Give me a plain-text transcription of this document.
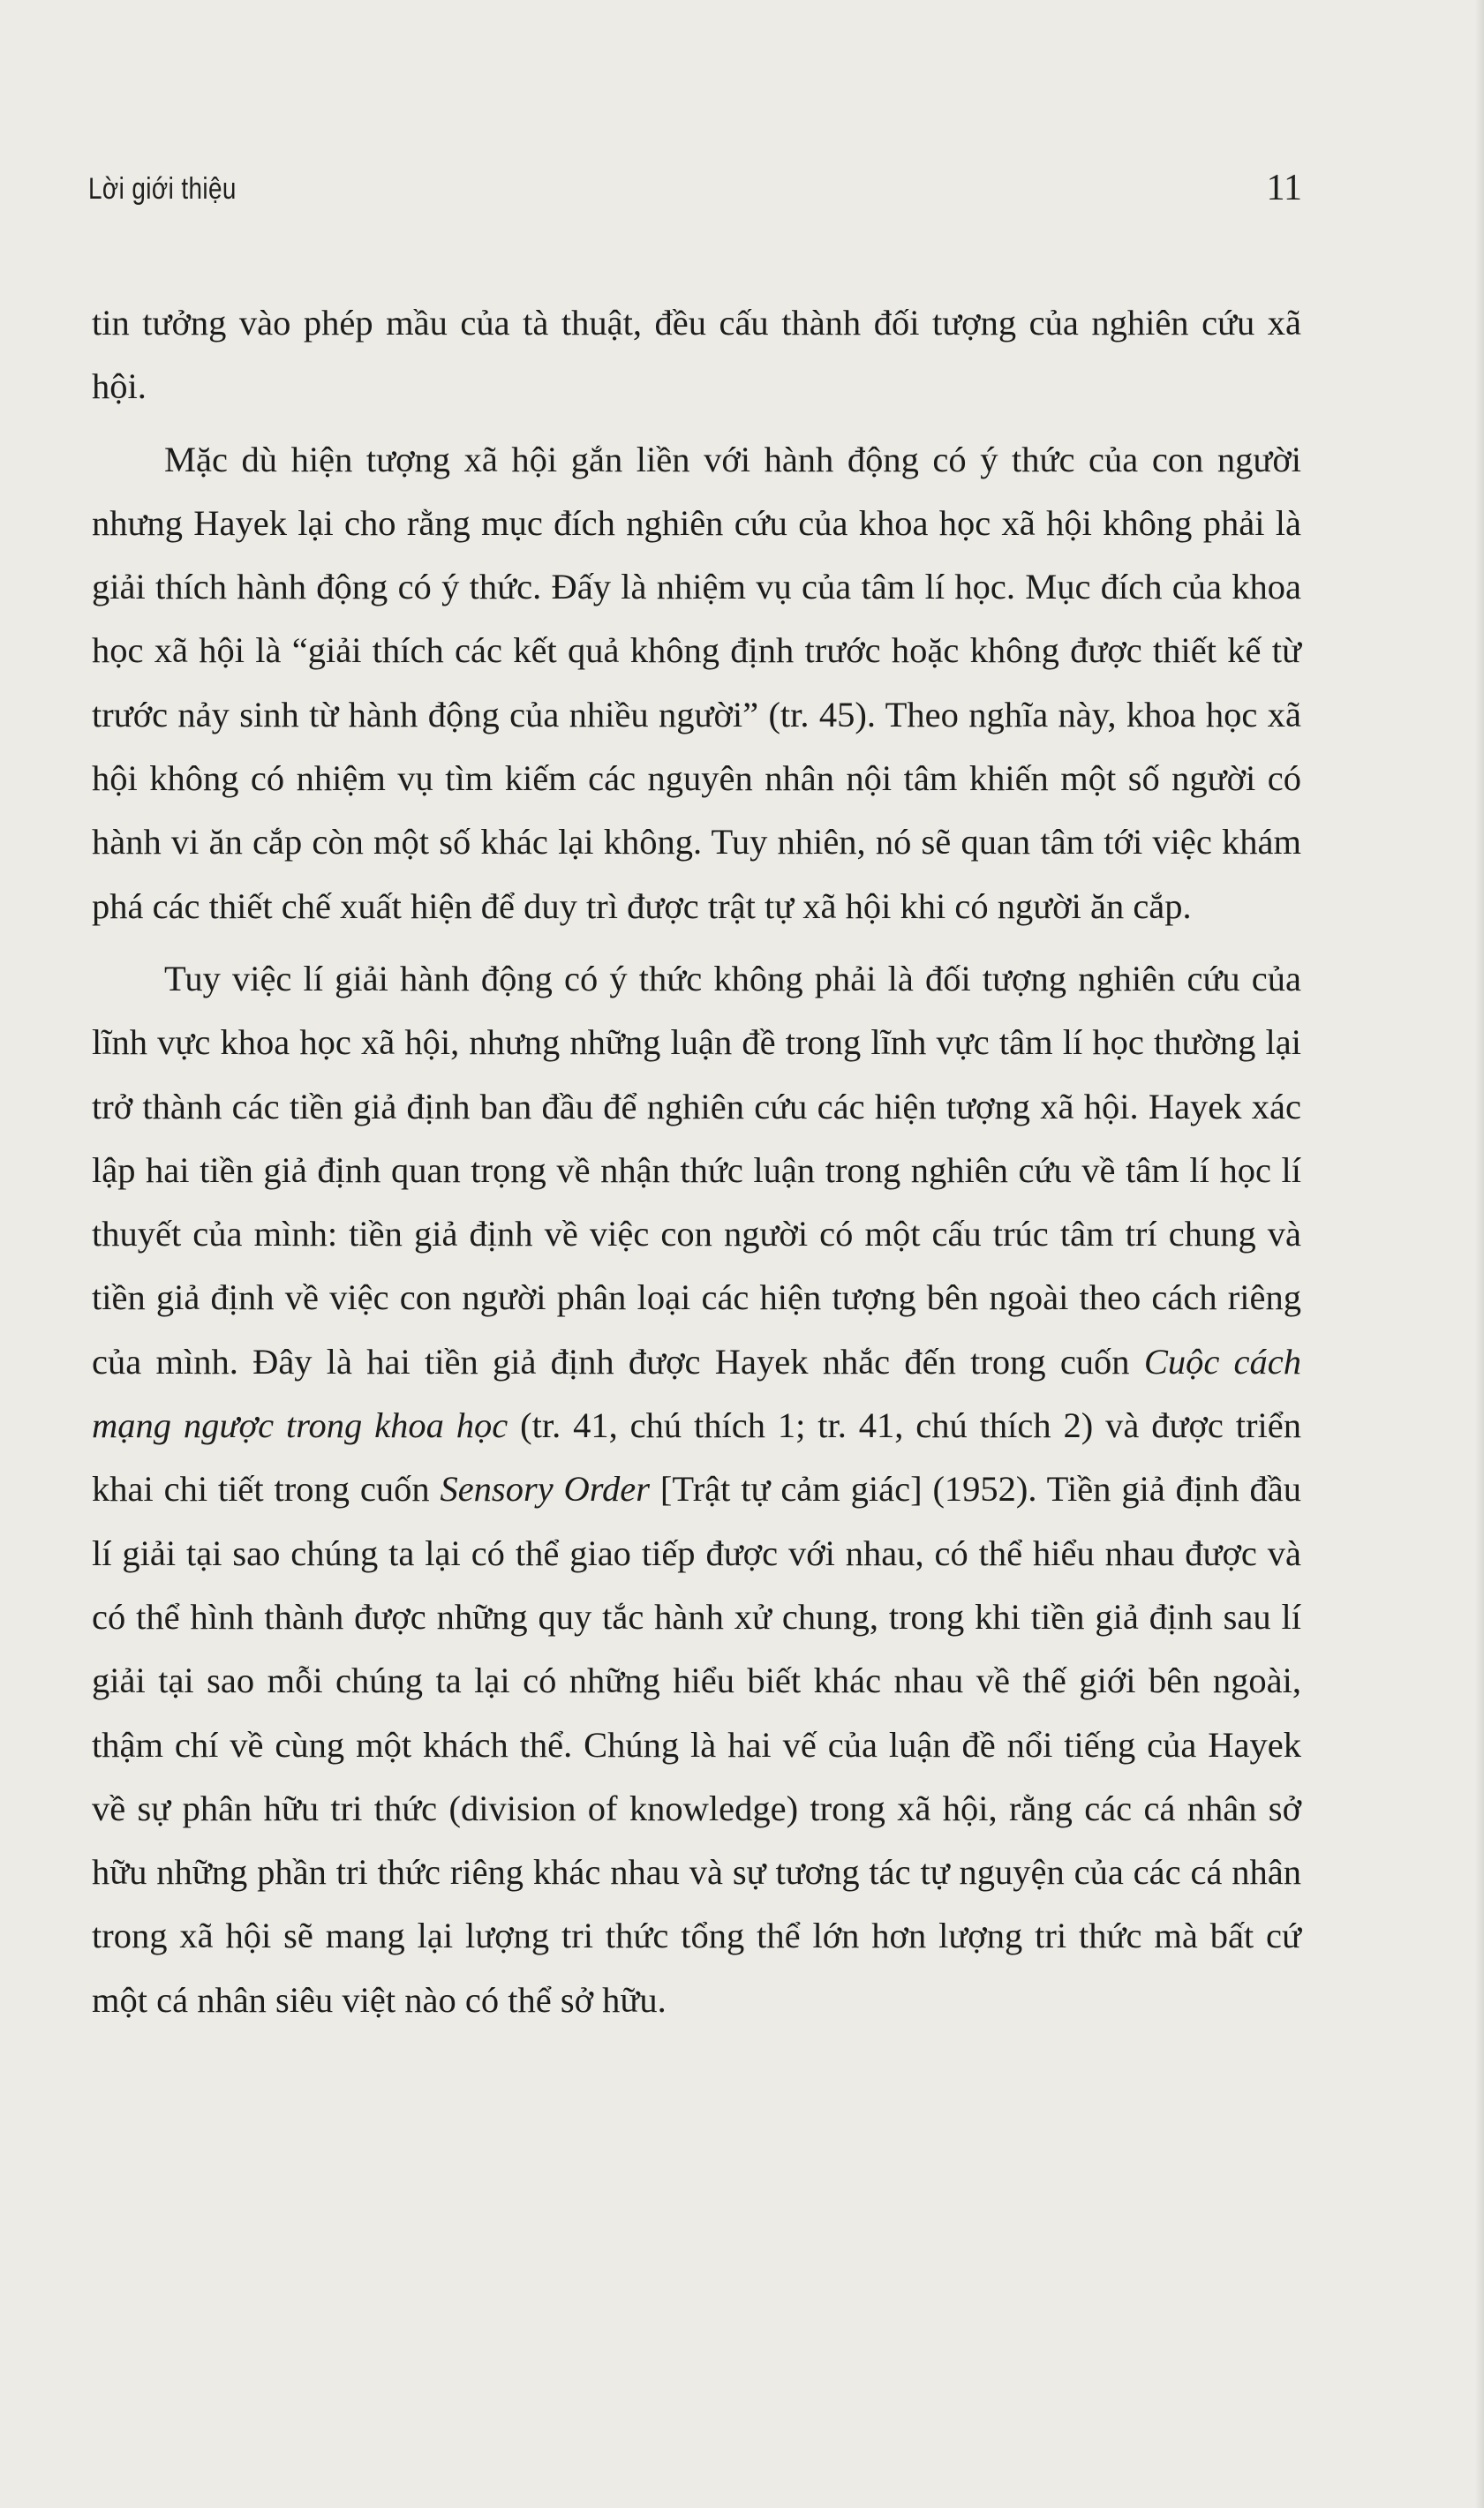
Lời giới thiệu	11

tin tưởng vào phép mầu của tà thuật, đều cấu thành đối tượng của nghiên cứu xã hội.

Mặc dù hiện tượng xã hội gắn liền với hành động có ý thức của con người nhưng Hayek lại cho rằng mục đích nghiên cứu của khoa học xã hội không phải là giải thích hành động có ý thức. Đấy là nhiệm vụ của tâm lí học. Mục đích của khoa học xã hội là “giải thích các kết quả không định trước hoặc không được thiết kế từ trước nảy sinh từ hành động của nhiều người” (tr. 45). Theo nghĩa này, khoa học xã hội không có nhiệm vụ tìm kiếm các nguyên nhân nội tâm khiến một số người có hành vi ăn cắp còn một số khác lại không. Tuy nhiên, nó sẽ quan tâm tới việc khám phá các thiết chế xuất hiện để duy trì được trật tự xã hội khi có người ăn cắp.

Tuy việc lí giải hành động có ý thức không phải là đối tượng nghiên cứu của lĩnh vực khoa học xã hội, nhưng những luận đề trong lĩnh vực tâm lí học thường lại trở thành các tiền giả định ban đầu để nghiên cứu các hiện tượng xã hội. Hayek xác lập hai tiền giả định quan trọng về nhận thức luận trong nghiên cứu về tâm lí học lí thuyết của mình: tiền giả định về việc con người có một cấu trúc tâm trí chung và tiền giả định về việc con người phân loại các hiện tượng bên ngoài theo cách riêng của mình. Đây là hai tiền giả định được Hayek nhắc đến trong cuốn Cuộc cách mạng ngược trong khoa học (tr. 41, chú thích 1; tr. 41, chú thích 2) và được triển khai chi tiết trong cuốn Sensory Order [Trật tự cảm giác] (1952). Tiền giả định đầu lí giải tại sao chúng ta lại có thể giao tiếp được với nhau, có thể hiểu nhau được và có thể hình thành được những quy tắc hành xử chung, trong khi tiền giả định sau lí giải tại sao mỗi chúng ta lại có những hiểu biết khác nhau về thế giới bên ngoài, thậm chí về cùng một khách thể. Chúng là hai vế của luận đề nổi tiếng của Hayek về sự phân hữu tri thức (division of knowledge) trong xã hội, rằng các cá nhân sở hữu những phần tri thức riêng khác nhau và sự tương tác tự nguyện của các cá nhân trong xã hội sẽ mang lại lượng tri thức tổng thể lớn hơn lượng tri thức mà bất cứ một cá nhân siêu việt nào có thể sở hữu.
